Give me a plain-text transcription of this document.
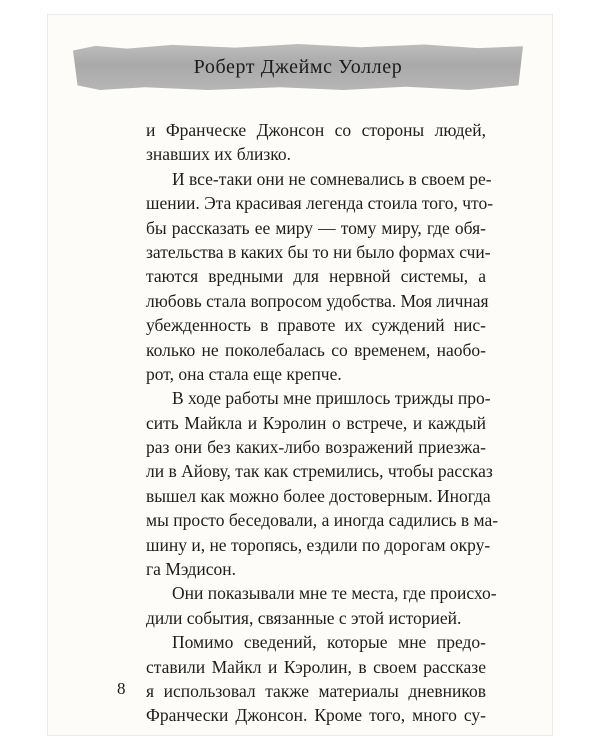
Роберт Джеймс Уоллер
и Франческе Джонсон со стороны людей,
знавших их близко.
И все-таки они не сомневались в своем ре-
шении. Эта красивая легенда стоила того, что-
бы рассказать ее миру — тому миру, где обя-
зательства в каких бы то ни было формах счи-
таются вредными для нервной системы, а
любовь стала вопросом удобства. Моя личная
убежденность в правоте их суждений нис-
колько не поколебалась со временем, наобо-
рот, она стала еще крепче.
В ходе работы мне пришлось трижды про-
сить Майкла и Кэролин о встрече, и каждый
раз они без каких-либо возражений приезжа-
ли в Айову, так как стремились, чтобы рассказ
вышел как можно более достоверным. Иногда
мы просто беседовали, а иногда садились в ма-
шину и, не торопясь, ездили по дорогам окру-
га Мэдисон.
Они показывали мне те места, где происхо-
дили события, связанные с этой историей.
Помимо сведений, которые мне предо-
ставили Майкл и Кэролин, в своем рассказе
я использовал также материалы дневников
Франчески Джонсон. Кроме того, много су-
8
